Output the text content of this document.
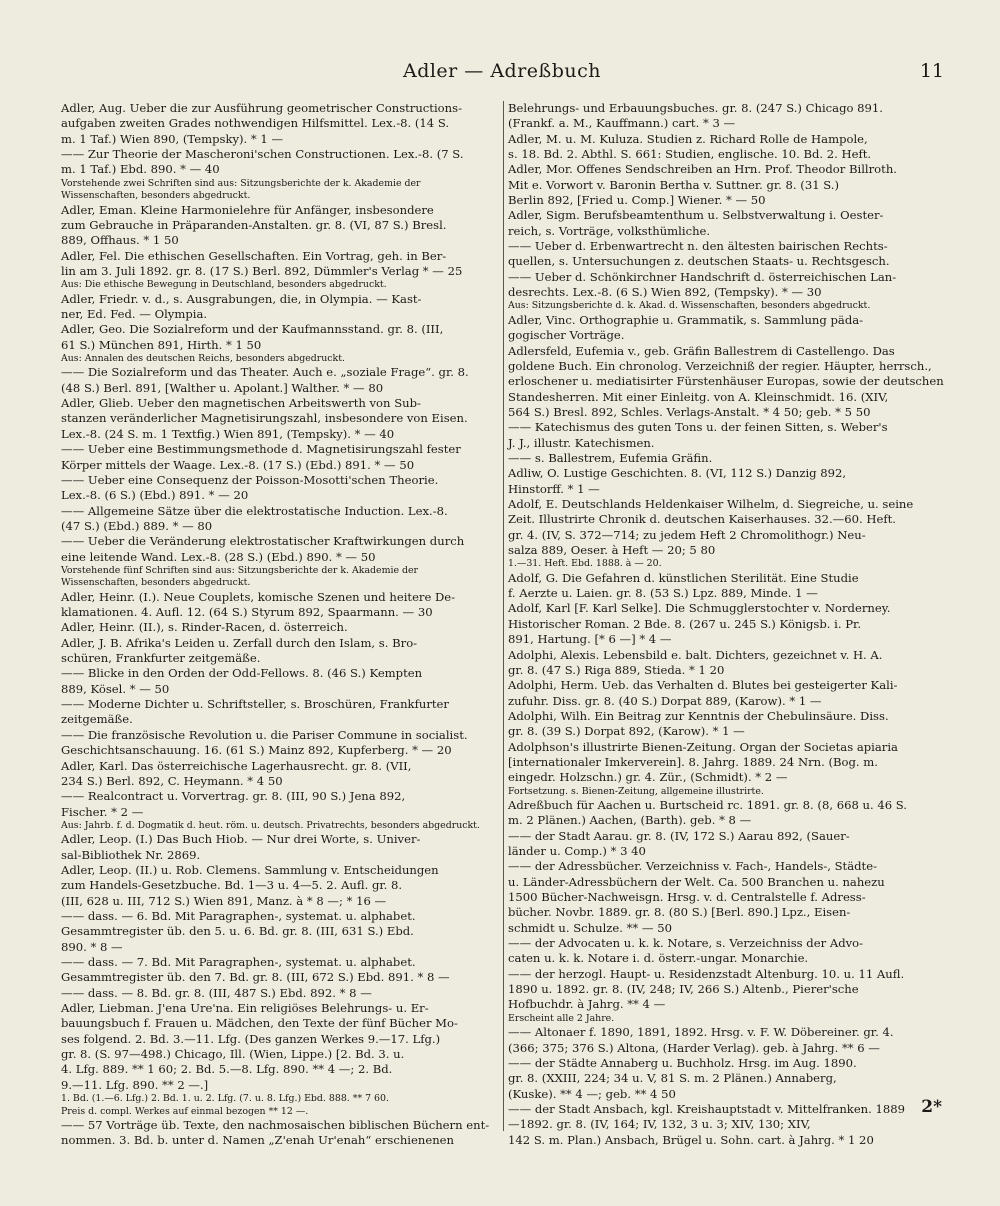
Adler — Adreßbuch	11

Adler, Aug. Ueber die zur Ausführung geometrischer Constructions-

aufgaben zweiten Grades nothwendigen Hilfsmittel. Lex.-8. (14 S.

m. 1 Taf.) Wien 890, (Tempsky). * 1 —

—— Zur Theorie der Mascheroni'schen Constructionen. Lex.-8. (7 S.

m. 1 Taf.) Ebd. 890. * — 40

Vorstehende zwei Schriften sind aus: Sitzungsberichte der k. Akademie der

Wissenschaften, besonders abgedruckt.

Adler, Eman. Kleine Harmonielehre für Anfänger, insbesondere

zum Gebrauche in Präparanden-Anstalten. gr. 8. (VI, 87 S.) Bresl.

889, Offhaus. * 1 50

Adler, Fel. Die ethischen Gesellschaften. Ein Vortrag, geh. in Ber-

lin am 3. Juli 1892. gr. 8. (17 S.) Berl. 892, Dümmler's Verlag * — 25

Aus: Die ethische Bewegung in Deutschland, besonders abgedruckt.

Adler, Friedr. v. d., s. Ausgrabungen, die, in Olympia. — Kast-

ner, Ed. Fed. — Olympia.

Adler, Geo. Die Sozialreform und der Kaufmannsstand. gr. 8. (III,

61 S.) München 891, Hirth. * 1 50

Aus: Annalen des deutschen Reichs, besonders abgedruckt.

—— Die Sozialreform und das Theater. Auch e. „soziale Frage“. gr. 8.

(48 S.) Berl. 891, [Walther u. Apolant.] Walther. * — 80

Adler, Glieb. Ueber den magnetischen Arbeitswerth von Sub-

stanzen veränderlicher Magnetisirungszahl, insbesondere von Eisen.

Lex.-8. (24 S. m. 1 Textfig.) Wien 891, (Tempsky). * — 40

—— Ueber eine Bestimmungsmethode d. Magnetisirungszahl fester

Körper mittels der Waage. Lex.-8. (17 S.) (Ebd.) 891. * — 50

—— Ueber eine Consequenz der Poisson-Mosotti'schen Theorie.

Lex.-8. (6 S.) (Ebd.) 891. * — 20

—— Allgemeine Sätze über die elektrostatische Induction. Lex.-8.

(47 S.) (Ebd.) 889. * — 80

—— Ueber die Veränderung elektrostatischer Kraftwirkungen durch

eine leitende Wand. Lex.-8. (28 S.) (Ebd.) 890. * — 50

Vorstehende fünf Schriften sind aus: Sitzungsberichte der k. Akademie der

Wissenschaften, besonders abgedruckt.

Adler, Heinr. (I.). Neue Couplets, komische Szenen und heitere De-

klamationen. 4. Aufl. 12. (64 S.) Styrum 892, Spaarmann. — 30

Adler, Heinr. (II.), s. Rinder-Racen, d. österreich.

Adler, J. B. Afrika's Leiden u. Zerfall durch den Islam, s. Bro-

schüren, Frankfurter zeitgemäße.

—— Blicke in den Orden der Odd-Fellows. 8. (46 S.) Kempten

889, Kösel. * — 50

—— Moderne Dichter u. Schriftsteller, s. Broschüren, Frankfurter

zeitgemäße.

—— Die französische Revolution u. die Pariser Commune in socialist.

Geschichtsanschauung. 16. (61 S.) Mainz 892, Kupferberg. * — 20

Adler, Karl. Das österreichische Lagerhausrecht. gr. 8. (VII,

234 S.) Berl. 892, C. Heymann. * 4 50

—— Realcontract u. Vorvertrag. gr. 8. (III, 90 S.) Jena 892,

Fischer. * 2 —

Aus: Jahrb. f. d. Dogmatik d. heut. röm. u. deutsch. Privatrechts, besonders abgedruckt.

Adler, Leop. (I.) Das Buch Hiob. — Nur drei Worte, s. Univer-

sal-Bibliothek Nr. 2869.

Adler, Leop. (II.) u. Rob. Clemens. Sammlung v. Entscheidungen

zum Handels-Gesetzbuche. Bd. 1—3 u. 4—5. 2. Aufl. gr. 8.

(III, 628 u. III, 712 S.) Wien 891, Manz. à * 8 —; * 16 —

—— dass. — 6. Bd. Mit Paragraphen-, systemat. u. alphabet.

Gesammtregister üb. den 5. u. 6. Bd. gr. 8. (III, 631 S.) Ebd.

890. * 8 —

—— dass. — 7. Bd. Mit Paragraphen-, systemat. u. alphabet.

Gesammtregister üb. den 7. Bd. gr. 8. (III, 672 S.) Ebd. 891. * 8 —

—— dass. — 8. Bd. gr. 8. (III, 487 S.) Ebd. 892. * 8 —

Adler, Liebman. J'ena Ure'na. Ein religiöses Belehrungs- u. Er-

bauungsbuch f. Frauen u. Mädchen, den Texte der fünf Bücher Mo-

ses folgend. 2. Bd. 3.—11. Lfg. (Des ganzen Werkes 9.—17. Lfg.)

gr. 8. (S. 97—498.) Chicago, Ill. (Wien, Lippe.) [2. Bd. 3. u.

4. Lfg. 889. ** 1 60; 2. Bd. 5.—8. Lfg. 890. ** 4 —; 2. Bd.

9.—11. Lfg. 890. ** 2 —.]

1. Bd. (1.—6. Lfg.) 2. Bd. 1. u. 2. Lfg. (7. u. 8. Lfg.) Ebd. 888. ** 7 60.

Preis d. compl. Werkes auf einmal bezogen ** 12 —.

—— 57 Vorträge üb. Texte, den nachmosaischen biblischen Büchern ent-

nommen. 3. Bd. b. unter d. Namen „Z'enah Ur'enah“ erschienenen

Belehrungs- und Erbauungsbuches. gr. 8. (247 S.) Chicago 891.

(Frankf. a. M., Kauffmann.) cart. * 3 —

Adler, M. u. M. Kuluza. Studien z. Richard Rolle de Hampole,

s. 18. Bd. 2. Abthl. S. 661: Studien, englische. 10. Bd. 2. Heft.

Adler, Mor. Offenes Sendschreiben an Hrn. Prof. Theodor Billroth.

Mit e. Vorwort v. Baronin Bertha v. Suttner. gr. 8. (31 S.)

Berlin 892, [Fried u. Comp.] Wiener. * — 50

Adler, Sigm. Berufsbeamtenthum u. Selbstverwaltung i. Oester-

reich, s. Vorträge, volksthümliche.

—— Ueber d. Erbenwartrecht n. den ältesten bairischen Rechts-

quellen, s. Untersuchungen z. deutschen Staats- u. Rechtsgesch.

—— Ueber d. Schönkirchner Handschrift d. österreichischen Lan-

desrechts. Lex.-8. (6 S.) Wien 892, (Tempsky). * — 30

Aus: Sitzungsberichte d. k. Akad. d. Wissenschaften, besonders abgedruckt.

Adler, Vinc. Orthographie u. Grammatik, s. Sammlung päda-

gogischer Vorträge.

Adlersfeld, Eufemia v., geb. Gräfin Ballestrem di Castellengo. Das

goldene Buch. Ein chronolog. Verzeichniß der regier. Häupter, herrsch.,

erloschener u. mediatisirter Fürstenhäuser Europas, sowie der deutschen

Standesherren. Mit einer Einleitg. von A. Kleinschmidt. 16. (XIV,

564 S.) Bresl. 892, Schles. Verlags-Anstalt. * 4 50; geb. * 5 50

—— Katechismus des guten Tons u. der feinen Sitten, s. Weber's

J. J., illustr. Katechismen.

—— s. Ballestrem, Eufemia Gräfin.

Adliw, O. Lustige Geschichten. 8. (VI, 112 S.) Danzig 892,

Hinstorff. * 1 —

Adolf, E. Deutschlands Heldenkaiser Wilhelm, d. Siegreiche, u. seine

Zeit. Illustrirte Chronik d. deutschen Kaiserhauses. 32.—60. Heft.

gr. 4. (IV, S. 372—714; zu jedem Heft 2 Chromolithogr.) Neu-

salza 889, Oeser. à Heft — 20; 5 80

1.—31. Heft. Ebd. 1888. à — 20.

Adolf, G. Die Gefahren d. künstlichen Sterilität. Eine Studie

f. Aerzte u. Laien. gr. 8. (53 S.) Lpz. 889, Minde. 1 —

Adolf, Karl [F. Karl Selke]. Die Schmugglerstochter v. Norderney.

Historischer Roman. 2 Bde. 8. (267 u. 245 S.) Königsb. i. Pr.

891, Hartung. [* 6 —] * 4 —

Adolphi, Alexis. Lebensbild e. balt. Dichters, gezeichnet v. H. A.

gr. 8. (47 S.) Riga 889, Stieda. * 1 20

Adolphi, Herm. Ueb. das Verhalten d. Blutes bei gesteigerter Kali-

zufuhr. Diss. gr. 8. (40 S.) Dorpat 889, (Karow). * 1 —

Adolphi, Wilh. Ein Beitrag zur Kenntnis der Chebulinsäure. Diss.

gr. 8. (39 S.) Dorpat 892, (Karow). * 1 —

Adolphson's illustrirte Bienen-Zeitung. Organ der Societas apiaria

[internationaler Imkerverein]. 8. Jahrg. 1889. 24 Nrn. (Bog. m.

eingedr. Holzschn.) gr. 4. Zür., (Schmidt). * 2 —

Fortsetzung. s. Bienen-Zeitung, allgemeine illustrirte.

Adreßbuch für Aachen u. Burtscheid rc. 1891. gr. 8. (8, 668 u. 46 S.

m. 2 Plänen.) Aachen, (Barth). geb. * 8 —

—— der Stadt Aarau. gr. 8. (IV, 172 S.) Aarau 892, (Sauer-

länder u. Comp.) * 3 40

—— der Adressbücher. Verzeichniss v. Fach-, Handels-, Städte-

u. Länder-Adressbüchern der Welt. Ca. 500 Branchen u. nahezu

1500 Bücher-Nachweisgn. Hrsg. v. d. Centralstelle f. Adress-

bücher. Novbr. 1889. gr. 8. (80 S.) [Berl. 890.] Lpz., Eisen-

schmidt u. Schulze. ** — 50

—— der Advocaten u. k. k. Notare, s. Verzeichniss der Advo-

caten u. k. k. Notare i. d. österr.-ungar. Monarchie.

—— der herzogl. Haupt- u. Residenzstadt Altenburg. 10. u. 11 Aufl.

1890 u. 1892. gr. 8. (IV, 248; IV, 266 S.) Altenb., Pierer'sche

Hofbuchdr. à Jahrg. ** 4 —

Erscheint alle 2 Jahre.

—— Altonaer f. 1890, 1891, 1892. Hrsg. v. F. W. Döbereiner. gr. 4.

(366; 375; 376 S.) Altona, (Harder Verlag). geb. à Jahrg. ** 6 —

—— der Städte Annaberg u. Buchholz. Hrsg. im Aug. 1890.

gr. 8. (XXIII, 224; 34 u. V, 81 S. m. 2 Plänen.) Annaberg,

(Kuske). ** 4 —; geb. ** 4 50

—— der Stadt Ansbach, kgl. Kreishauptstadt v. Mittelfranken. 1889

—1892. gr. 8. (IV, 164; IV, 132, 3 u. 3; XIV, 130; XIV,

142 S. m. Plan.) Ansbach, Brügel u. Sohn. cart. à Jahrg. * 1 20

2*
